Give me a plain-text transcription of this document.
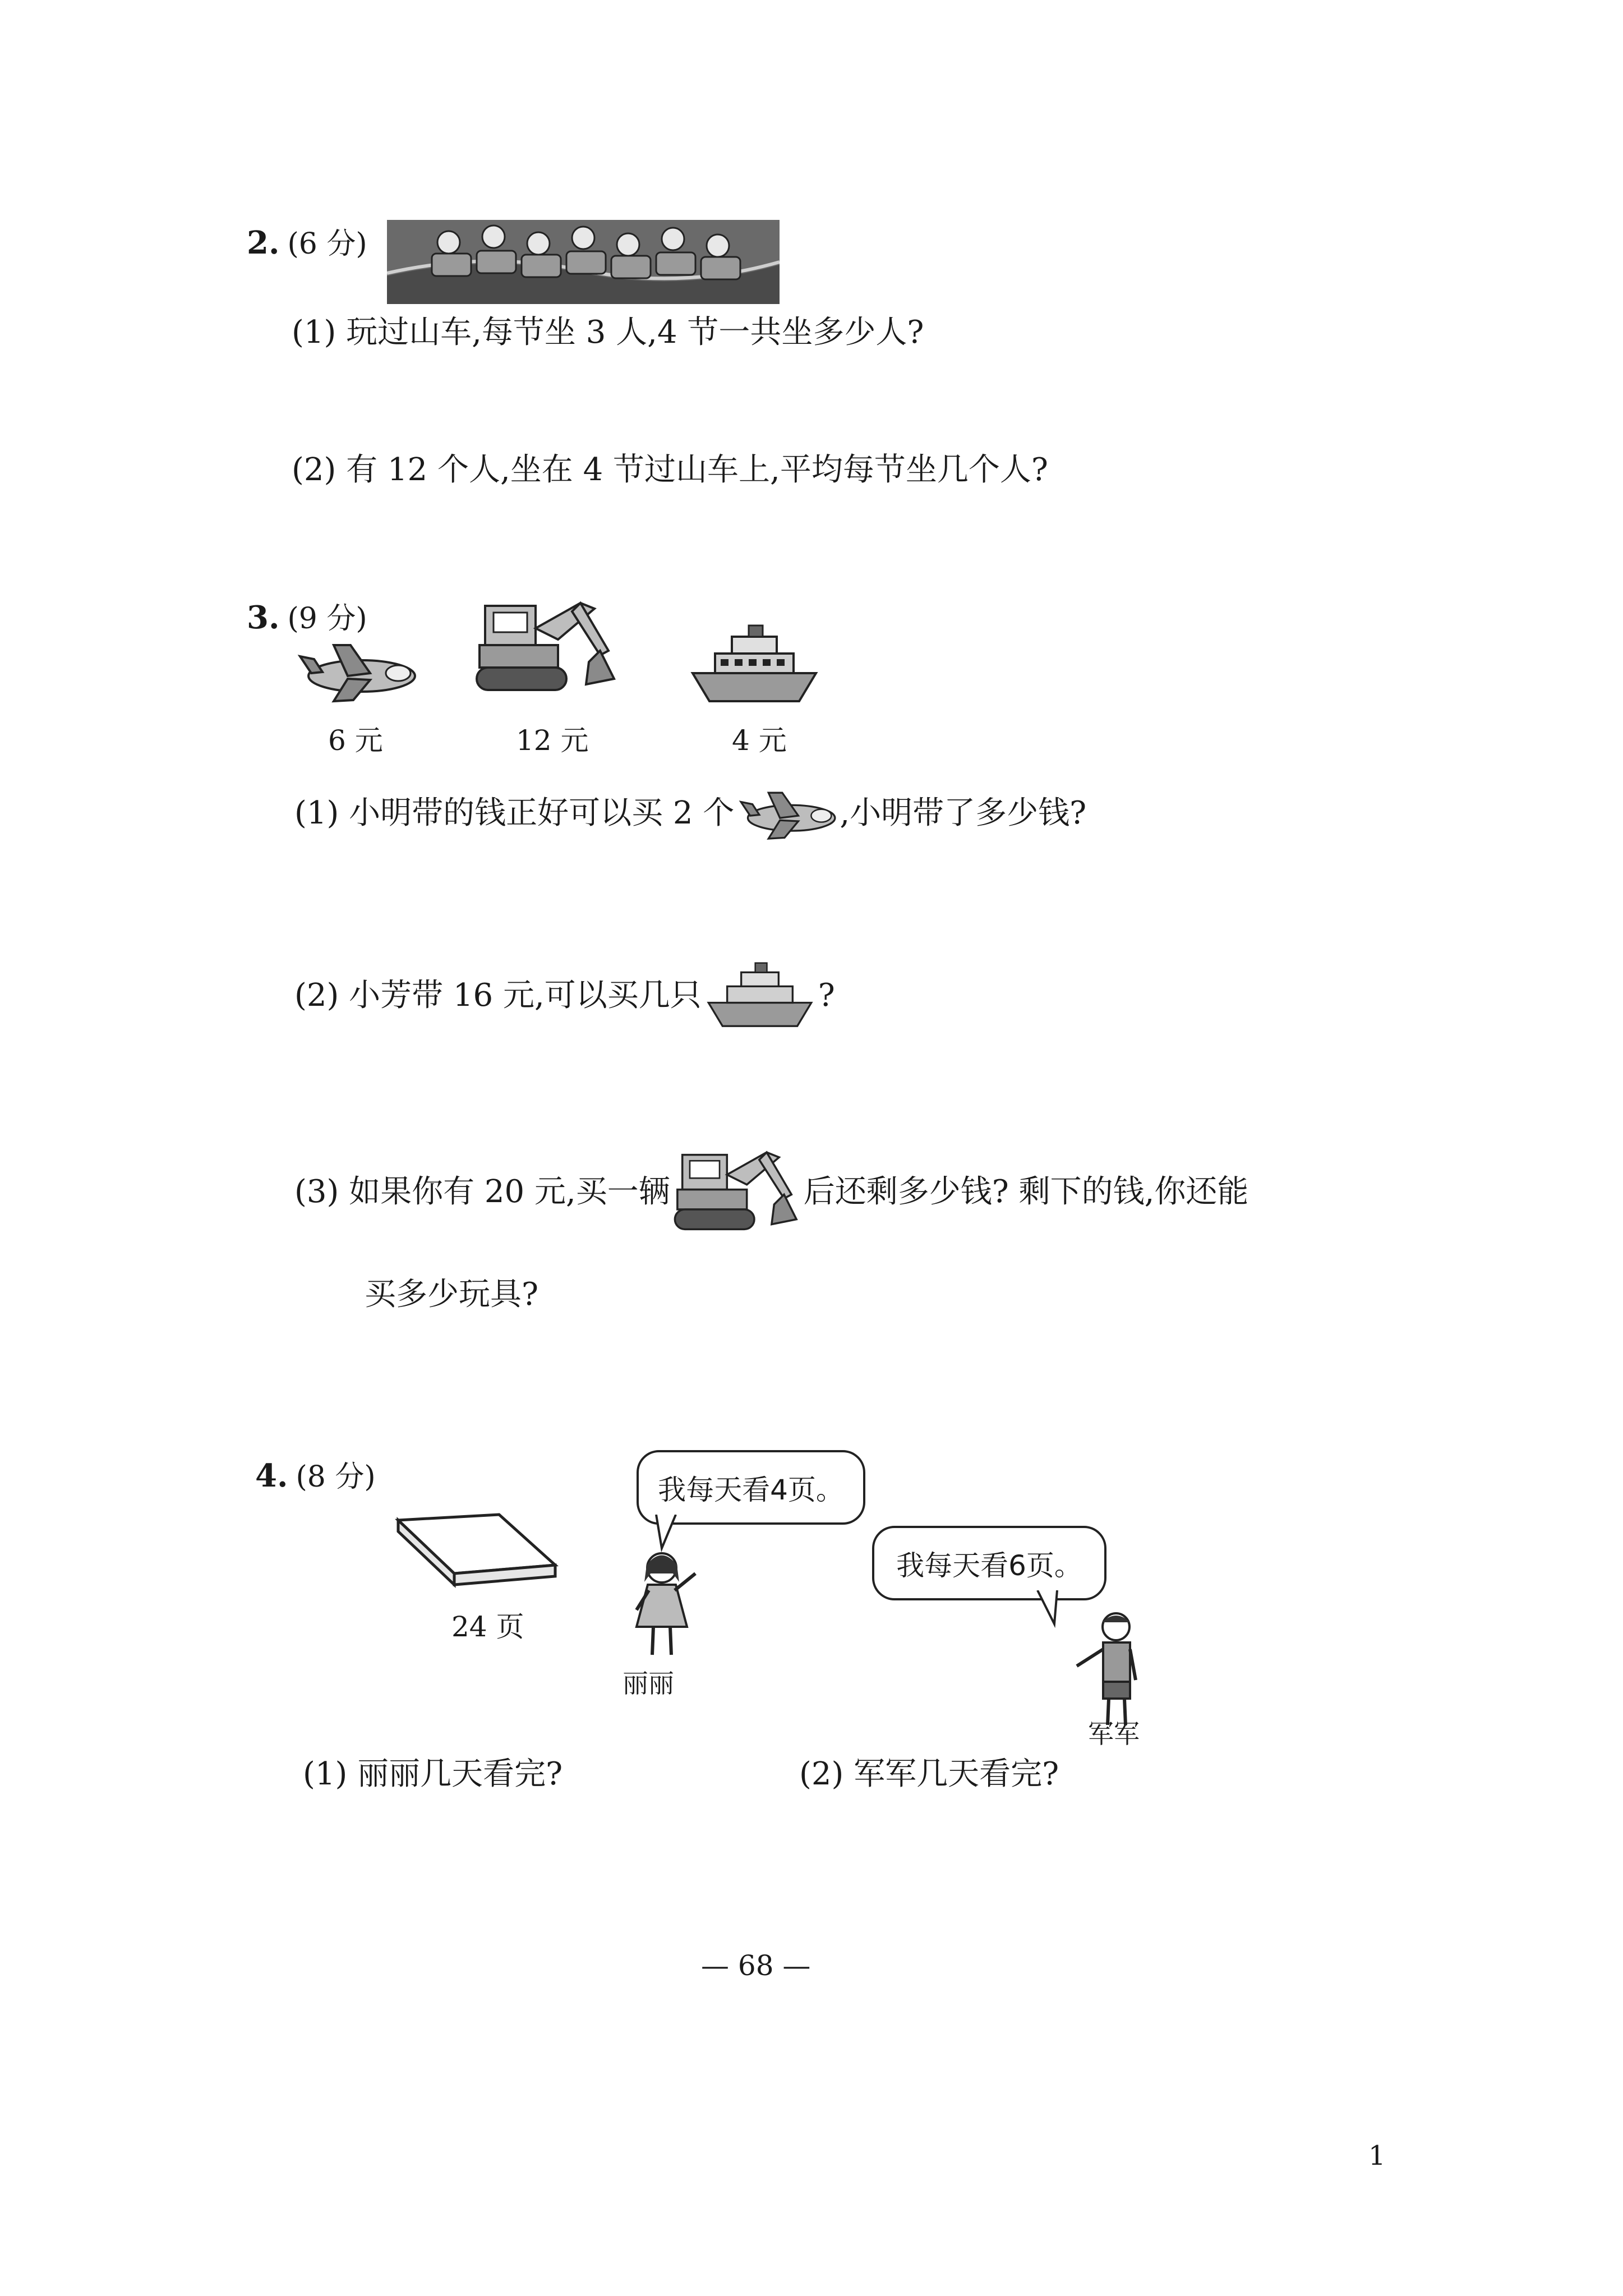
2. (6 分)
(1) 玩过山车,每节坐 3 人,4 节一共坐多少人?
(2) 有 12 个人,坐在 4 节过山车上,平均每节坐几个人?
3. (9 分)
6 元	12 元	4 元
(1) 小明带的钱正好可以买 2 个	,小明带了多少钱?
(2) 小芳带 16 元,可以买几只	?
(3) 如果你有 20 元,买一辆	后还剩多少钱? 剩下的钱,你还能
买多少玩具?
4. (8 分)
24 页
我每天看4页。
丽丽
我每天看6页。
军军
(1) 丽丽几天看完?	(2) 军军几天看完?
— 68 —
1
